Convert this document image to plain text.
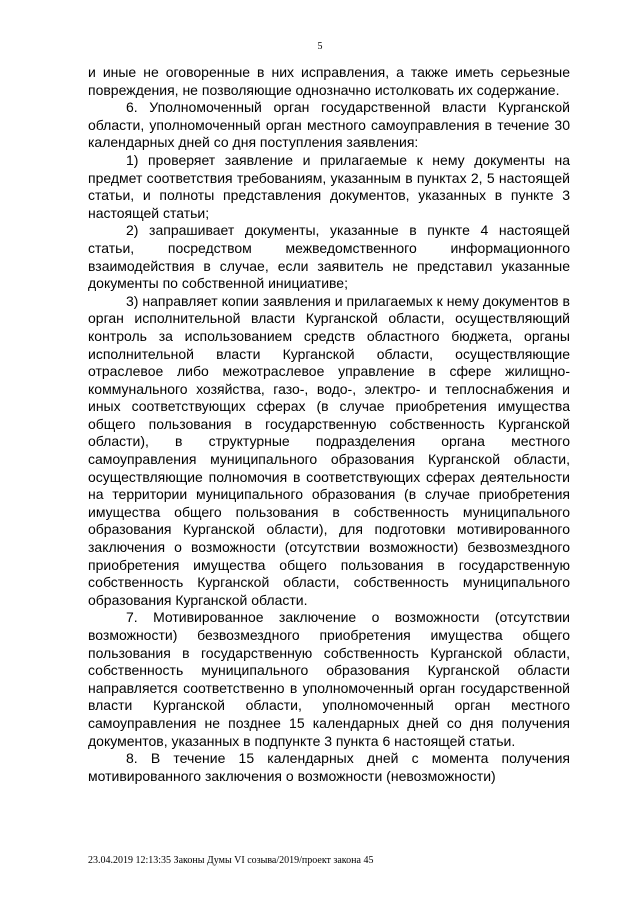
5

и иные не оговоренные в них исправления, а также иметь серьезные повреждения, не позволяющие однозначно истолковать их содержание.

6. Уполномоченный орган государственной власти Курганской области, уполномоченный орган местного самоуправления в течение 30 календарных дней со дня поступления заявления:

1) проверяет заявление и прилагаемые к нему документы на предмет соответствия требованиям, указанным в пунктах 2, 5 настоящей статьи, и полноты представления документов, указанных в пункте 3 настоящей статьи;

2) запрашивает документы, указанные в пункте 4 настоящей статьи, посредством межведомственного информационного взаимодействия в случае, если заявитель не представил указанные документы по собственной инициативе;

3) направляет копии заявления и прилагаемых к нему документов в орган исполнительной власти Курганской области, осуществляющий контроль за использованием средств областного бюджета, органы исполнительной власти Курганской области, осуществляющие отраслевое либо межотраслевое управление в сфере жилищно-коммунального хозяйства, газо-, водо-, электро- и теплоснабжения и иных соответствующих сферах (в случае приобретения имущества общего пользования в государственную собственность Курганской области), в структурные подразделения органа местного самоуправления муниципального образования Курганской области, осуществляющие полномочия в соответствующих сферах деятельности на территории муниципального образования (в случае приобретения имущества общего пользования в собственность муниципального образования Курганской области), для подготовки мотивированного заключения о возможности (отсутствии возможности) безвозмездного приобретения имущества общего пользования в государственную собственность Курганской области, собственность муниципального образования Курганской области.

7. Мотивированное заключение о возможности (отсутствии возможности) безвозмездного приобретения имущества общего пользования в государственную собственность Курганской области, собственность муниципального образования Курганской области направляется соответственно в уполномоченный орган государственной власти Курганской области, уполномоченный орган местного самоуправления не позднее 15 календарных дней со дня получения документов, указанных в подпункте 3 пункта 6 настоящей статьи.

8. В течение 15 календарных дней с момента получения мотивированного заключения о возможности (невозможности)

23.04.2019 12:13:35 Законы Думы VI созыва/2019/проект закона 45
